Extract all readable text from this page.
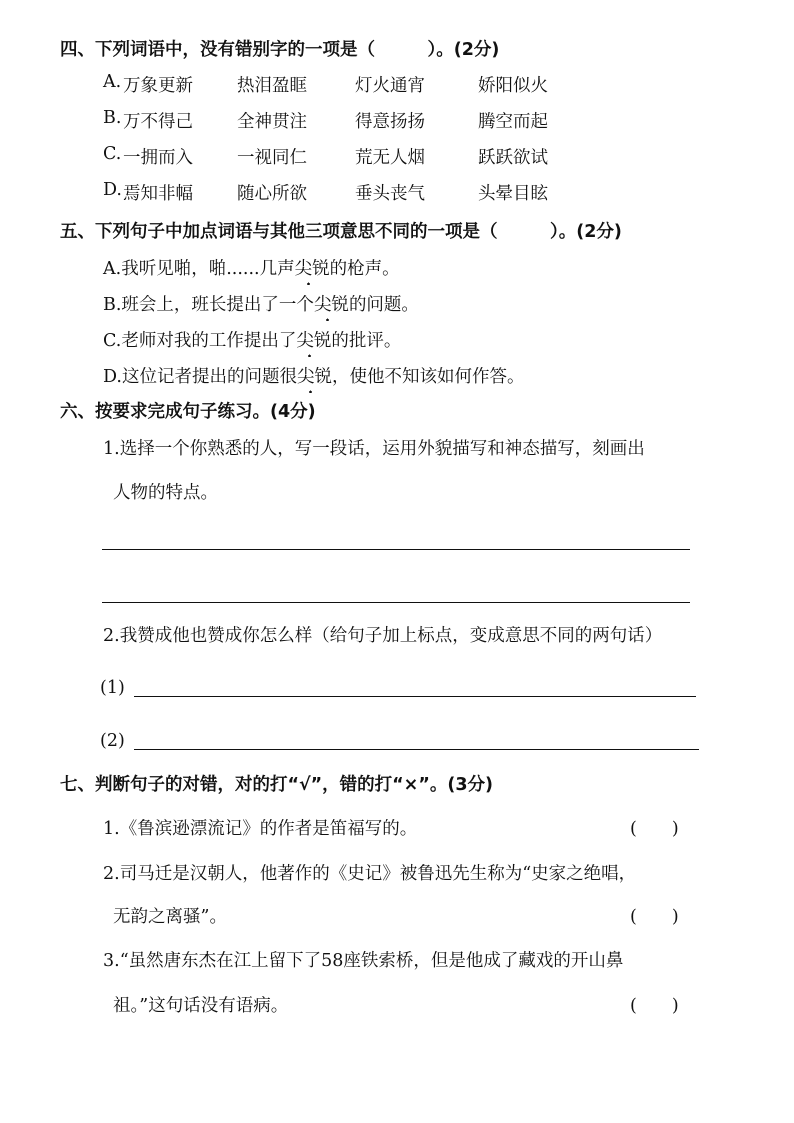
四、下列词语中，没有错别字的一项是（　　　）。(2分)
A. 万象更新	热泪盈眶	灯火通宵	娇阳似火
B. 万不得己	全神贯注	得意扬扬	腾空而起
C. 一拥而入	一视同仁	荒无人烟	跃跃欲试
D. 焉知非幅	随心所欲	垂头丧气	头晕目眩
五、下列句子中加点词语与其他三项意思不同的一项是（　　　）。(2分)
A.我听见啪，啪......几声尖锐的枪声。
B.班会上，班长提出了一个尖锐的问题。
C.老师对我的工作提出了尖锐的批评。
D.这位记者提出的问题很尖锐，使他不知该如何作答。
六、按要求完成句子练习。(4分)
1.选择一个你熟悉的人，写一段话，运用外貌描写和神态描写，刻画出
人物的特点。
2.我赞成他也赞成你怎么样（给句子加上标点，变成意思不同的两句话）
(1)
(2)
七、判断句子的对错，对的打“√”，错的打“×”。(3分)
1.《鲁滨逊漂流记》的作者是笛福写的。	(　　)
2.司马迁是汉朝人，他著作的《史记》被鲁迅先生称为“史家之绝唱，
无韵之离骚”。	(　　)
3.“虽然唐东杰在江上留下了58座铁索桥，但是他成了藏戏的开山鼻
祖。”这句话没有语病。	(　　)
